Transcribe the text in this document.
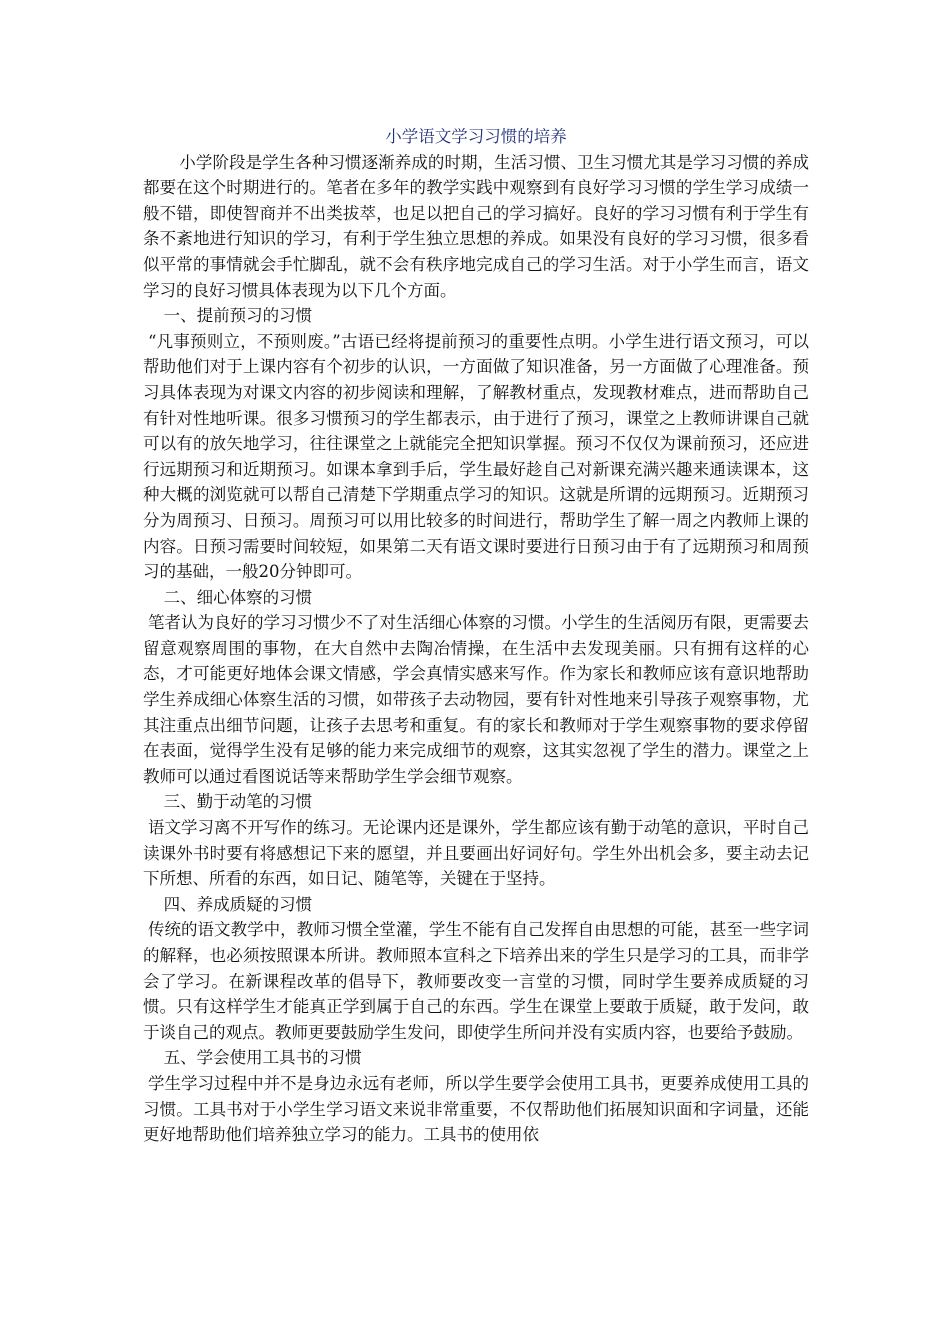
小学语文学习习惯的培养

小学阶段是学生各种习惯逐渐养成的时期，生活习惯、卫生习惯尤其是学习习惯的养成都要在这个时期进行的。笔者在多年的教学实践中观察到有良好学习习惯的学生学习成绩一般不错，即使智商并不出类拔萃，也足以把自己的学习搞好。良好的学习习惯有利于学生有条不紊地进行知识的学习，有利于学生独立思想的养成。如果没有良好的学习习惯，很多看似平常的事情就会手忙脚乱，就不会有秩序地完成自己的学习生活。对于小学生而言，语文学习的良好习惯具体表现为以下几个方面。

一、提前预习的习惯

“凡事预则立，不预则废。”古语已经将提前预习的重要性点明。小学生进行语文预习，可以帮助他们对于上课内容有个初步的认识，一方面做了知识准备，另一方面做了心理准备。预习具体表现为对课文内容的初步阅读和理解，了解教材重点，发现教材难点，进而帮助自己有针对性地听课。很多习惯预习的学生都表示，由于进行了预习，课堂之上教师讲课自己就可以有的放矢地学习，往往课堂之上就能完全把知识掌握。预习不仅仅为课前预习，还应进行远期预习和近期预习。如课本拿到手后，学生最好趁自己对新课充满兴趣来通读课本，这种大概的浏览就可以帮自己清楚下学期重点学习的知识。这就是所谓的远期预习。近期预习分为周预习、日预习。周预习可以用比较多的时间进行，帮助学生了解一周之内教师上课的内容。日预习需要时间较短，如果第二天有语文课时要进行日预习由于有了远期预习和周预习的基础，一般20分钟即可。

二、细心体察的习惯

笔者认为良好的学习习惯少不了对生活细心体察的习惯。小学生的生活阅历有限，更需要去留意观察周围的事物，在大自然中去陶冶情操，在生活中去发现美丽。只有拥有这样的心态，才可能更好地体会课文情感，学会真情实感来写作。作为家长和教师应该有意识地帮助学生养成细心体察生活的习惯，如带孩子去动物园，要有针对性地来引导孩子观察事物，尤其注重点出细节问题，让孩子去思考和重复。有的家长和教师对于学生观察事物的要求停留在表面，觉得学生没有足够的能力来完成细节的观察，这其实忽视了学生的潜力。课堂之上教师可以通过看图说话等来帮助学生学会细节观察。

三、勤于动笔的习惯

语文学习离不开写作的练习。无论课内还是课外，学生都应该有勤于动笔的意识，平时自己读课外书时要有将感想记下来的愿望，并且要画出好词好句。学生外出机会多，要主动去记下所想、所看的东西，如日记、随笔等，关键在于坚持。

四、养成质疑的习惯

传统的语文教学中，教师习惯全堂灌，学生不能有自己发挥自由思想的可能，甚至一些字词的解释，也必须按照课本所讲。教师照本宣科之下培养出来的学生只是学习的工具，而非学会了学习。在新课程改革的倡导下，教师要改变一言堂的习惯，同时学生要养成质疑的习惯。只有这样学生才能真正学到属于自己的东西。学生在课堂上要敢于质疑，敢于发问，敢于谈自己的观点。教师更要鼓励学生发问，即使学生所问并没有实质内容，也要给予鼓励。

五、学会使用工具书的习惯

学生学习过程中并不是身边永远有老师，所以学生要学会使用工具书，更要养成使用工具的习惯。工具书对于小学生学习语文来说非常重要，不仅帮助他们拓展知识面和字词量，还能更好地帮助他们培养独立学习的能力。工具书的使用依
